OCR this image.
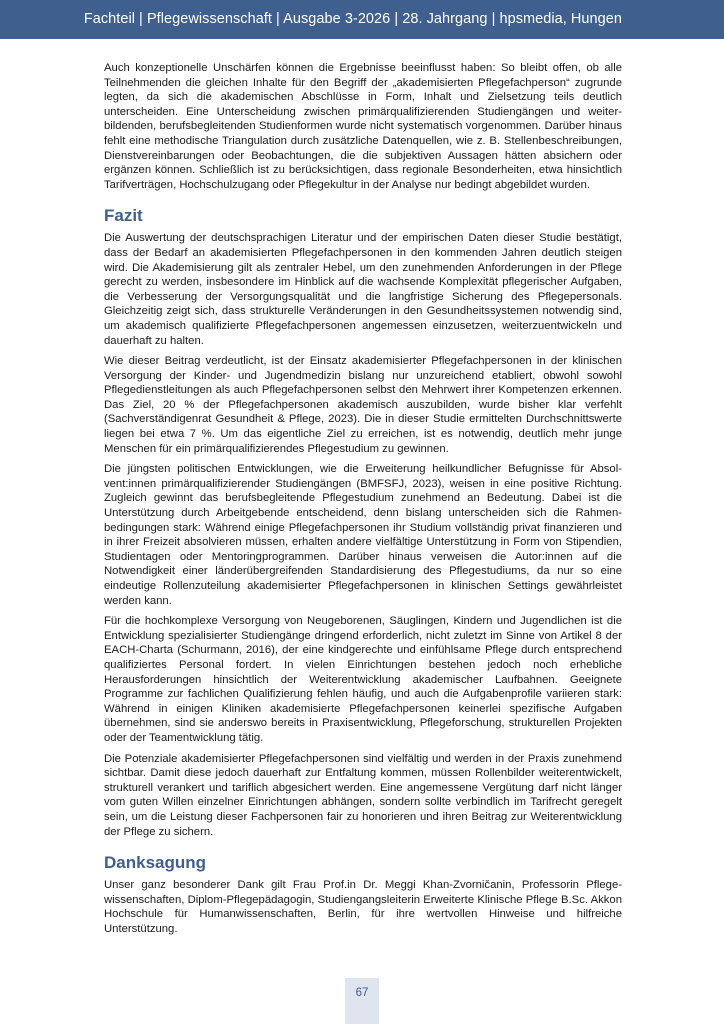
Fachteil | Pflegewissenschaft | Ausgabe 3-2026 | 28. Jahrgang | hpsmedia, Hungen

Auch konzeptionelle Unschärfen können die Ergebnisse beeinflusst haben: So bleibt offen, ob alle Teilnehmenden die gleichen Inhalte für den Begriff der „akademisierten Pflegefachperson“ zugrunde legten, da sich die akademischen Abschlüsse in Form, Inhalt und Zielsetzung teils deutlich unterscheiden. Eine Unterscheidung zwischen primärqualifizierenden Studiengängen und weiterbildenden, berufsbegleitenden Studienformen wurde nicht systematisch vorgenommen. Darüber hinaus fehlt eine methodische Triangulation durch zusätzliche Datenquellen, wie z. B. Stellenbeschreibungen, Dienstvereinbarungen oder Beobachtungen, die die subjektiven Aussagen hätten absichern oder ergänzen können. Schließlich ist zu berücksichtigen, dass regionale Besonderheiten, etwa hinsichtlich Tarifverträgen, Hochschulzugang oder Pflegekultur in der Analyse nur bedingt abgebildet wurden.

Fazit

Die Auswertung der deutschsprachigen Literatur und der empirischen Daten dieser Studie bestätigt, dass der Bedarf an akademisierten Pflegefachpersonen in den kommenden Jahren deutlich steigen wird. Die Akademisierung gilt als zentraler Hebel, um den zunehmenden Anforderungen in der Pflege gerecht zu werden, insbesondere im Hinblick auf die wachsende Komplexität pflegerischer Aufgaben, die Verbesserung der Versorgungsqualität und die langfristige Sicherung des Pflegepersonals. Gleichzeitig zeigt sich, dass strukturelle Veränderungen in den Gesundheitssystemen notwendig sind, um akademisch qualifizierte Pflegefachpersonen angemessen einzusetzen, weiterzuentwickeln und dauerhaft zu halten.

Wie dieser Beitrag verdeutlicht, ist der Einsatz akademisierter Pflegefachpersonen in der klinischen Versorgung der Kinder- und Jugendmedizin bislang nur unzureichend etabliert, obwohl sowohl Pflegedienstleitungen als auch Pflegefachpersonen selbst den Mehrwert ihrer Kompetenzen erkennen. Das Ziel, 20 % der Pflegefachpersonen akademisch auszubilden, wurde bisher klar verfehlt (Sachverständigenrat Gesundheit & Pflege, 2023). Die in dieser Studie ermittelten Durchschnittswerte liegen bei etwa 7 %. Um das eigentliche Ziel zu erreichen, ist es notwendig, deutlich mehr junge Menschen für ein primärqualifizierendes Pflegestudium zu gewinnen.

Die jüngsten politischen Entwicklungen, wie die Erweiterung heilkundlicher Befugnisse für Absolvent:innen primärqualifizierender Studiengängen (BMFSFJ, 2023), weisen in eine positive Richtung. Zugleich gewinnt das berufsbegleitende Pflegestudium zunehmend an Bedeutung. Dabei ist die Unterstützung durch Arbeitgebende entscheidend, denn bislang unterscheiden sich die Rahmenbedingungen stark: Während einige Pflegefachpersonen ihr Studium vollständig privat finanzieren und in ihrer Freizeit absolvieren müssen, erhalten andere vielfältige Unterstützung in Form von Stipendien, Studientagen oder Mentoringprogrammen. Darüber hinaus verweisen die Autor:innen auf die Notwendigkeit einer länderübergreifenden Standardisierung des Pflegestudiums, da nur so eine eindeutige Rollenzuteilung akademisierter Pflegefachpersonen in klinischen Settings gewährleistet werden kann.

Für die hochkomplexe Versorgung von Neugeborenen, Säuglingen, Kindern und Jugendlichen ist die Entwicklung spezialisierter Studiengänge dringend erforderlich, nicht zuletzt im Sinne von Artikel 8 der EACH-Charta (Schurmann, 2016), der eine kindgerechte und einfühlsame Pflege durch entsprechend qualifiziertes Personal fordert. In vielen Einrichtungen bestehen jedoch noch erhebliche Herausforderungen hinsichtlich der Weiterentwicklung akademischer Laufbahnen. Geeignete Programme zur fachlichen Qualifizierung fehlen häufig, und auch die Aufgabenprofile variieren stark: Während in einigen Kliniken akademisierte Pflegefachpersonen keinerlei spezifische Aufgaben übernehmen, sind sie anderswo bereits in Praxisentwicklung, Pflegeforschung, strukturellen Projekten oder der Teamentwicklung tätig.

Die Potenziale akademisierter Pflegefachpersonen sind vielfältig und werden in der Praxis zunehmend sichtbar. Damit diese jedoch dauerhaft zur Entfaltung kommen, müssen Rollenbilder weiterentwickelt, strukturell verankert und tariflich abgesichert werden. Eine angemessene Vergütung darf nicht länger vom guten Willen einzelner Einrichtungen abhängen, sondern sollte verbindlich im Tarifrecht geregelt sein, um die Leistung dieser Fachpersonen fair zu honorieren und ihren Beitrag zur Weiterentwicklung der Pflege zu sichern.

Danksagung

Unser ganz besonderer Dank gilt Frau Prof.in Dr. Meggi Khan-Zvorničanin, Professorin Pflegewissenschaften, Diplom-Pflegepädagogin, Studiengangsleiterin Erweiterte Klinische Pflege B.Sc. Akkon Hochschule für Humanwissenschaften, Berlin, für ihre wertvollen Hinweise und hilfreiche Unterstützung.

67
